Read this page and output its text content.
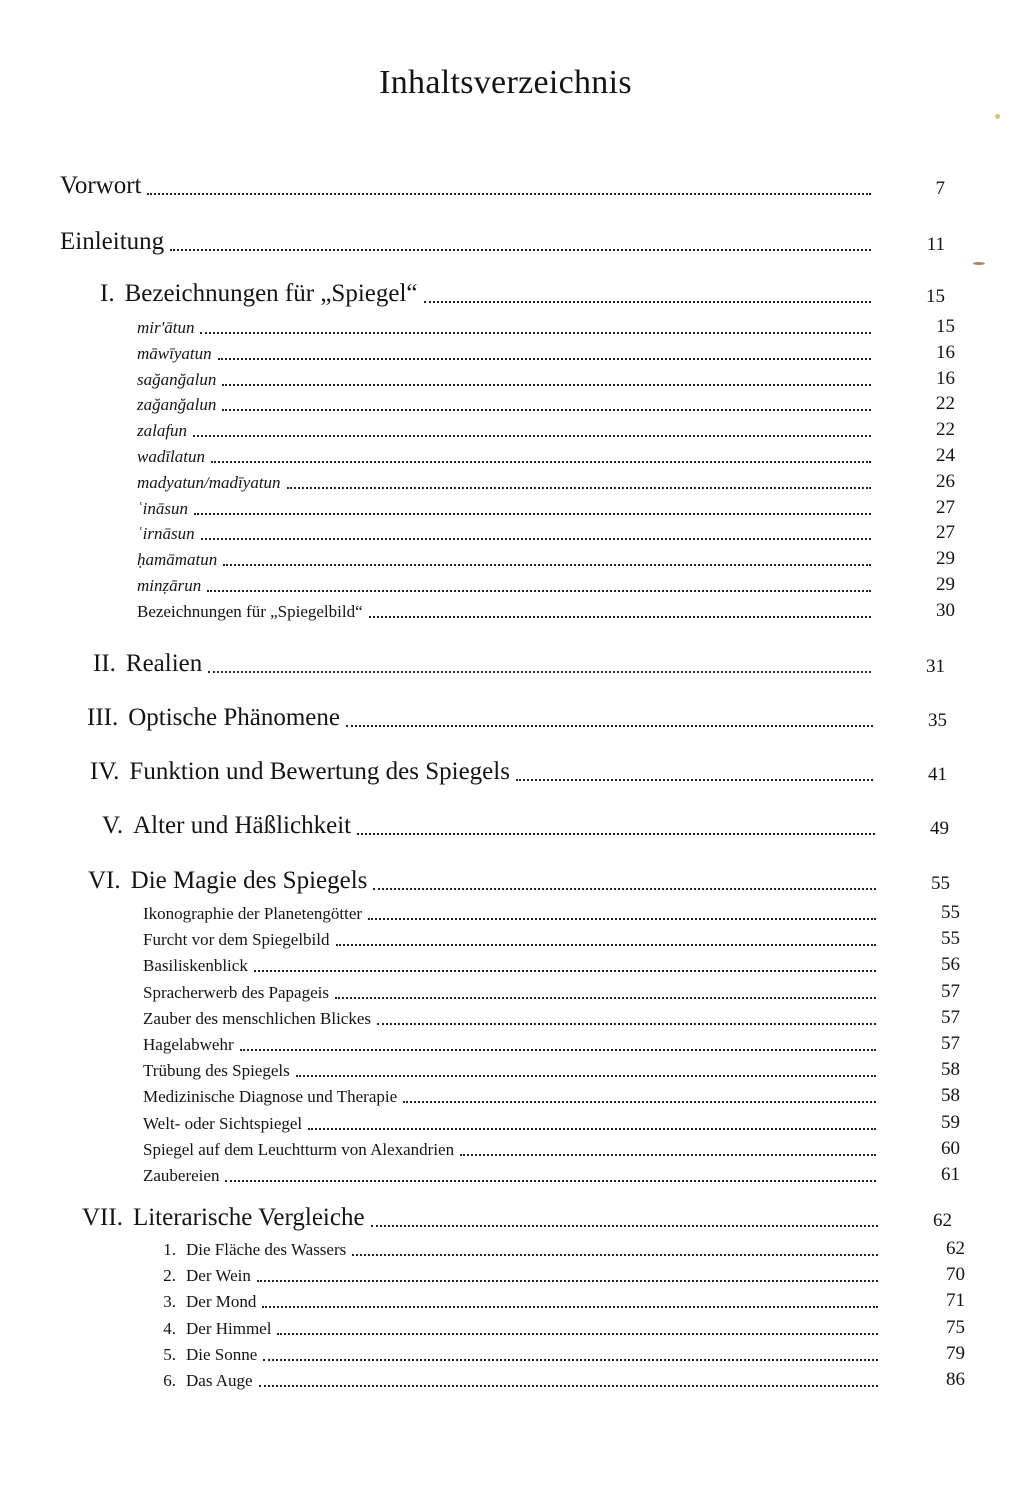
Inhaltsverzeichnis
Vorwort	7
Einleitung	11
I. Bezeichnungen für „Spiegel“	15
mir'ātun	15
māwīyatun	16
sağanğalun	16
zağanğalun	22
zalafun	22
wadīlatun	24
madyatun/madīyatun	26
ʿināsun	27
ʿirnāsun	27
ḥamāmatun	29
minẓārun	29
Bezeichnungen für „Spiegelbild“	30
II. Realien	31
III. Optische Phänomene	35
IV. Funktion und Bewertung des Spiegels	41
V. Alter und Häßlichkeit	49
VI. Die Magie des Spiegels	55
Ikonographie der Planetengötter	55
Furcht vor dem Spiegelbild	55
Basiliskenblick	56
Spracherwerb des Papageis	57
Zauber des menschlichen Blickes	57
Hagelabwehr	57
Trübung des Spiegels	58
Medizinische Diagnose und Therapie	58
Welt- oder Sichtspiegel	59
Spiegel auf dem Leuchtturm von Alexandrien	60
Zaubereien	61
VII. Literarische Vergleiche	62
1. Die Fläche des Wassers	62
2. Der Wein	70
3. Der Mond	71
4. Der Himmel	75
5. Die Sonne	79
6. Das Auge	86
